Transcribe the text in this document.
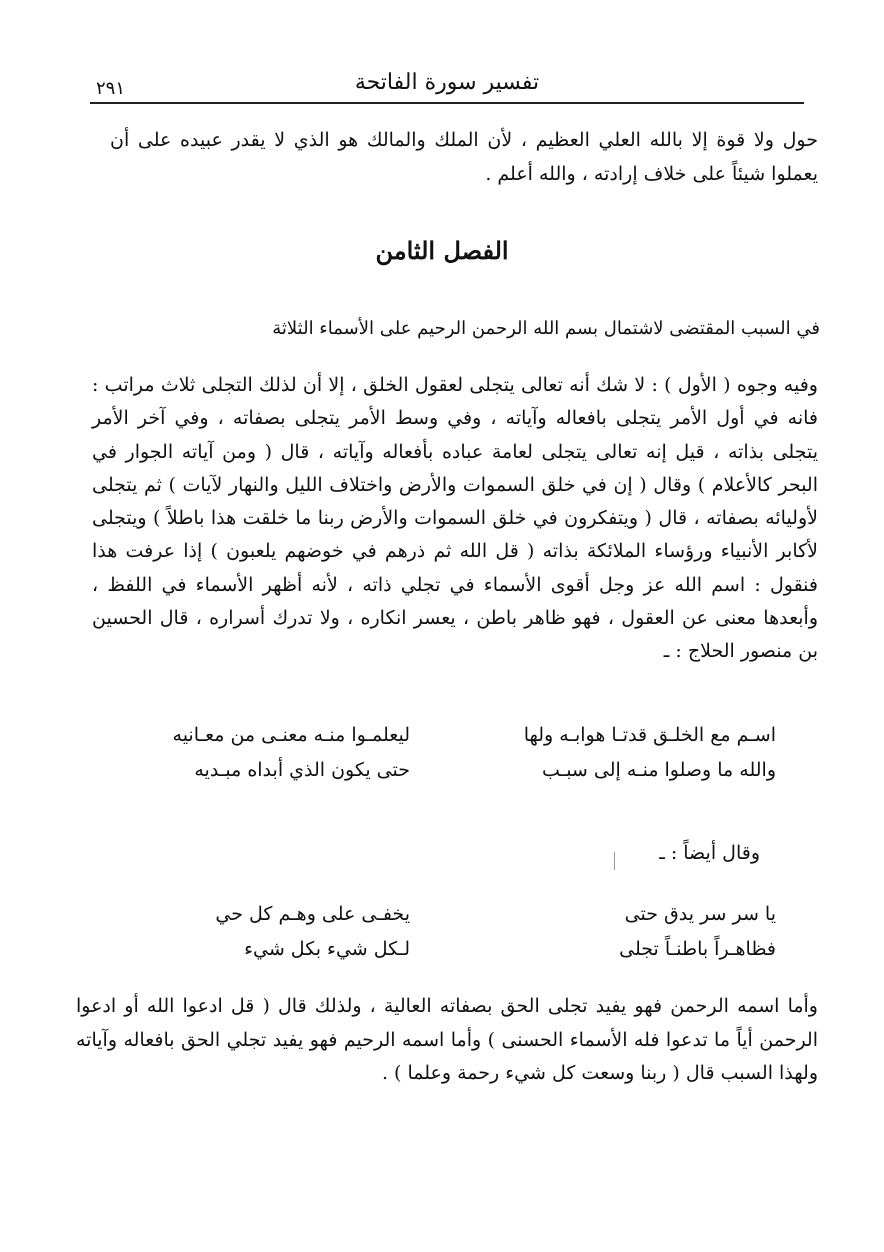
٢٩١	تفسير سورة الفاتحة

حول ولا قوة إلا بالله العلي العظيم ، لأن الملك والمالك هو الذي لا يقدر عبيده على أن يعملوا شيئاً على خلاف إرادته ، والله أعلم .

الفصل الثامن
في السبب المقتضى لاشتمال بسم الله الرحمن الرحيم على الأسماء الثلاثة

وفيه وجوه ( الأول ) : لا شك أنه تعالى يتجلى لعقول الخلق ، إلا أن لذلك التجلى ثلاث مراتب : فانه في أول الأمر يتجلى بافعاله وآياته ، وفي وسط الأمر يتجلى بصفاته ، وفي آخر الأمر يتجلى بذاته ، قيل إنه تعالى يتجلى لعامة عباده بأفعاله وآياته ، قال ( ومن آياته الجوار في البحر كالأعلام ) وقال ( إن في خلق السموات والأرض واختلاف الليل والنهار لآيات ) ثم يتجلى لأوليائه بصفاته ، قال ( ويتفكرون في خلق السموات والأرض ربنا ما خلقت هذا باطلاً ) ويتجلى لأكابر الأنبياء ورؤساء الملائكة بذاته ( قل الله ثم ذرهم في خوضهم يلعبون ) إذا عرفت هذا فنقول : اسم الله عز وجل أقوى الأسماء في تجلي ذاته ، لأنه أظهر الأسماء في اللفظ ، وأبعدها معنى عن العقول ، فهو ظاهر باطن ، يعسر انكاره ، ولا تدرك أسراره ، قال الحسين بن منصور الحلاج : ـ

اسـم مع الخلـق قدتـا هوابـه ولها
ليعلمـوا منـه معنـى من معـانيه
والله ما وصلوا منـه إلى سبـب
حتى يكون الذي أبداه مبـديه
وقال أيضاً : ـ
يا سر سر يدق حتى
يخفـى على وهـم كل حي
فظاهـراً باطنـاً تجلى
لـكل شيء بكل شيء

وأما اسمه الرحمن فهو يفيد تجلى الحق بصفاته العالية ، ولذلك قال ( قل ادعوا الله أو ادعوا الرحمن أياً ما تدعوا فله الأسماء الحسنى ) وأما اسمه الرحيم فهو يفيد تجلي الحق بافعاله وآياته ولهذا السبب قال ( ربنا وسعت كل شيء رحمة وعلما ) .
